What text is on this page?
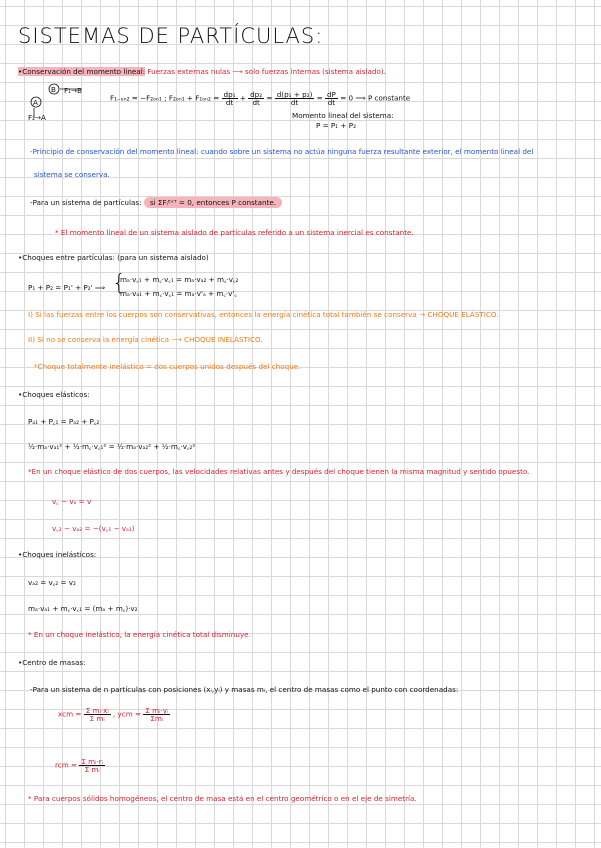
SISTEMAS DE PARTÍCULAS:
•Conservación del momento lineal: Fuerzas externas nulas ⟶ solo fuerzas internas (sistema aislado).
B
A
F₁→B
F₂→A
F₁₋ₒₙ₂ = −F₂ₒₙ₁ ; $F_{2on1} + F_{1on2} = \frac{\text{dp₁}}{dt} + \frac{\text{dp₂}}{dt} = \frac{\text{d(p₁ + p₂)}}{dt} = \frac{dP}{dt} = 0$ ⟹ P constante
Momento lineal del sistema:
P = P₁ + P₂
-Principio de conservación del momento lineal: cuando sobre un sistema no actúa ninguna fuerza resultante exterior, el momento lineal del
sistema se conserva.
-Para un sistema de partículas: si ΣFᵢᴱˣᵀ = 0, entonces P constante.
* El momento lineal de un sistema aislado de partículas referido a un sistema inercial es constante.
•Choques entre partículas: (para un sistema aislado)
P₁ + P₂ = P₁' + P₂' ⟹ {
mₐ·v꜀₁ + m꜀·v꜀₁ = mₐ·vₐ₂ + m꜀·v꜀₂
mₐ·vₐ₁ + m꜀·v꜀₁ = mₐ·v'ₐ + m꜀·v'꜀
I) Si las fuerzas entre los cuerpos son conservativas, entonces la energía cinética total también se conserva → CHOQUE ELÁSTICO.
II) Si no se conserva la energía cinética ⟶ CHOQUE INELÁSTICO.
*Choque totalmente inelástico = dos cuerpos unidos después del choque.
•Choques elásticos:
Pₐ₁ + P꜀₁ = Pₐ₂ + P꜀₂
½·mₐ·vₐ₁² + ½·m꜀·v꜀₁² = ½·mₐ·vₐ₂² + ½·m꜀·v꜀₂²
*En un choque elástico de dos cuerpos, las velocidades relativas antes y después del choque tienen la misma magnitud y sentido opuesto.
v꜀ − vₐ = v
v꜀₂ − vₐ₂ = −(v꜀₁ − vₐ₁)
•Choques inelásticos:
vₐ₂ = v꜀₂ = v₂
mₐ·vₐ₁ + m꜀·v꜀₁ = (mₐ + m꜀)·v₂
* En un choque inelástico, la energía cinética total disminuye.
•Centro de masas:
-Para un sistema de n partículas con posiciones (xᵢ,yᵢ) y masas mᵢ, el centro de masas como el punto con coordenadas:
xcm = $\frac{\text{Σ mᵢ·xᵢ}}{\text{Σ mᵢ}}$ , ycm = $\frac{\text{Σ mᵢ·yᵢ}}{\text{Σmᵢ}}$
rcm = $\frac{\text{Σ mᵢ·rᵢ}}{\text{Σ mᵢ}}$
* Para cuerpos sólidos homogéneos, el centro de masa está en el centro geométrico o en el eje de simetría.
